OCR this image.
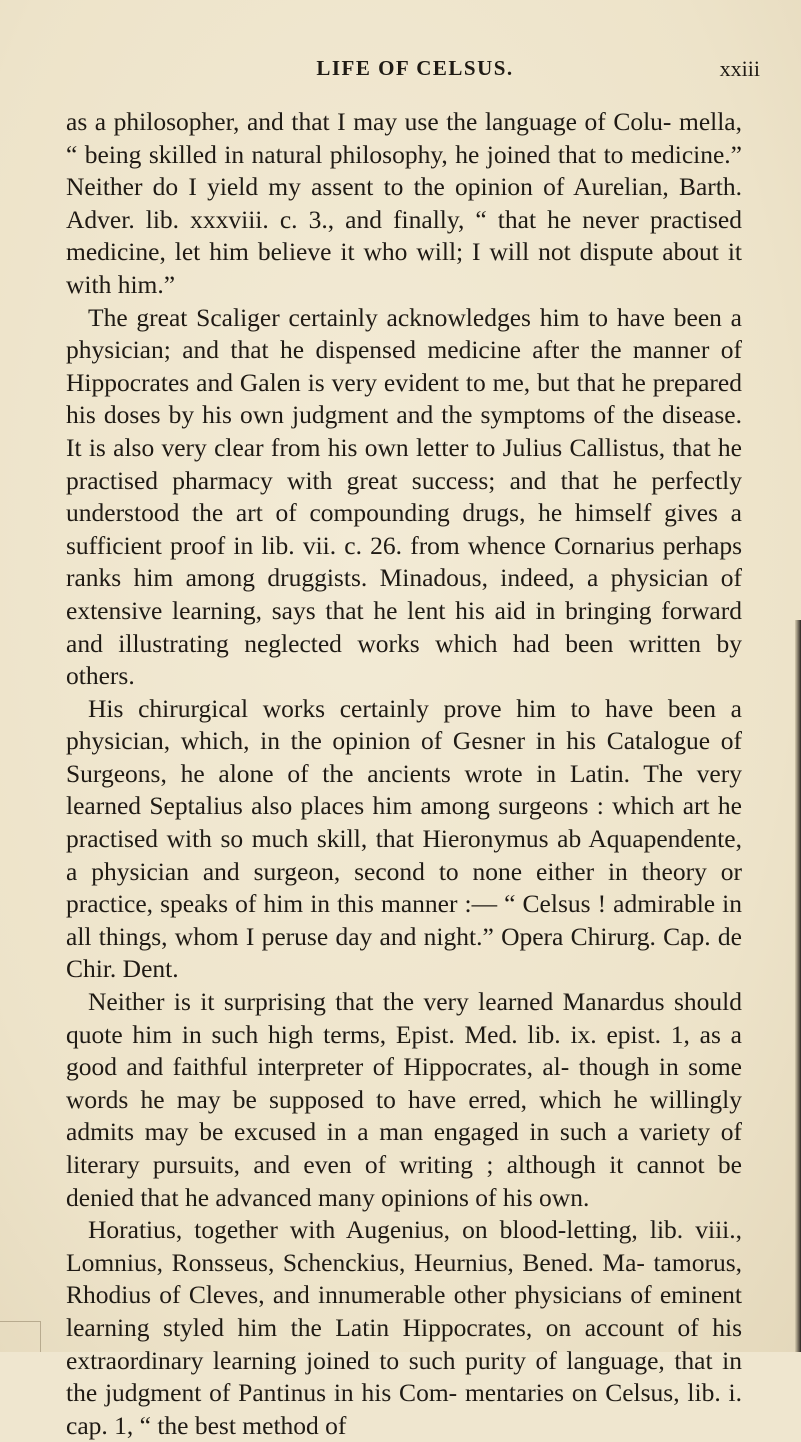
LIFE OF CELSUS.	xxiii

as a philosopher, and that I may use the language of Colu- mella, “ being skilled in natural philosophy, he joined that to medicine.” Neither do I yield my assent to the opinion of Aurelian, Barth. Adver. lib. xxxviii. c. 3., and finally, “ that he never practised medicine, let him believe it who will; I will not dispute about it with him.”

The great Scaliger certainly acknowledges him to have been a physician; and that he dispensed medicine after the manner of Hippocrates and Galen is very evident to me, but that he prepared his doses by his own judgment and the symptoms of the disease. It is also very clear from his own letter to Julius Callistus, that he practised pharmacy with great success; and that he perfectly understood the art of compounding drugs, he himself gives a sufficient proof in lib. vii. c. 26. from whence Cornarius perhaps ranks him among druggists. Minadous, indeed, a physician of extensive learning, says that he lent his aid in bringing forward and illustrating neglected works which had been written by others.

His chirurgical works certainly prove him to have been a physician, which, in the opinion of Gesner in his Catalogue of Surgeons, he alone of the ancients wrote in Latin. The very learned Septalius also places him among surgeons : which art he practised with so much skill, that Hieronymus ab Aquapendente, a physician and surgeon, second to none either in theory or practice, speaks of him in this manner :— “ Celsus ! admirable in all things, whom I peruse day and night.” Opera Chirurg. Cap. de Chir. Dent.

Neither is it surprising that the very learned Manardus should quote him in such high terms, Epist. Med. lib. ix. epist. 1, as a good and faithful interpreter of Hippocrates, al- though in some words he may be supposed to have erred, which he willingly admits may be excused in a man engaged in such a variety of literary pursuits, and even of writing ; although it cannot be denied that he advanced many opinions of his own.

Horatius, together with Augenius, on blood-letting, lib. viii., Lomnius, Ronsseus, Schenckius, Heurnius, Bened. Ma- tamorus, Rhodius of Cleves, and innumerable other physicians of eminent learning styled him the Latin Hippocrates, on account of his extraordinary learning joined to such purity of language, that in the judgment of Pantinus in his Com- mentaries on Celsus, lib. i. cap. 1, “ the best method of
